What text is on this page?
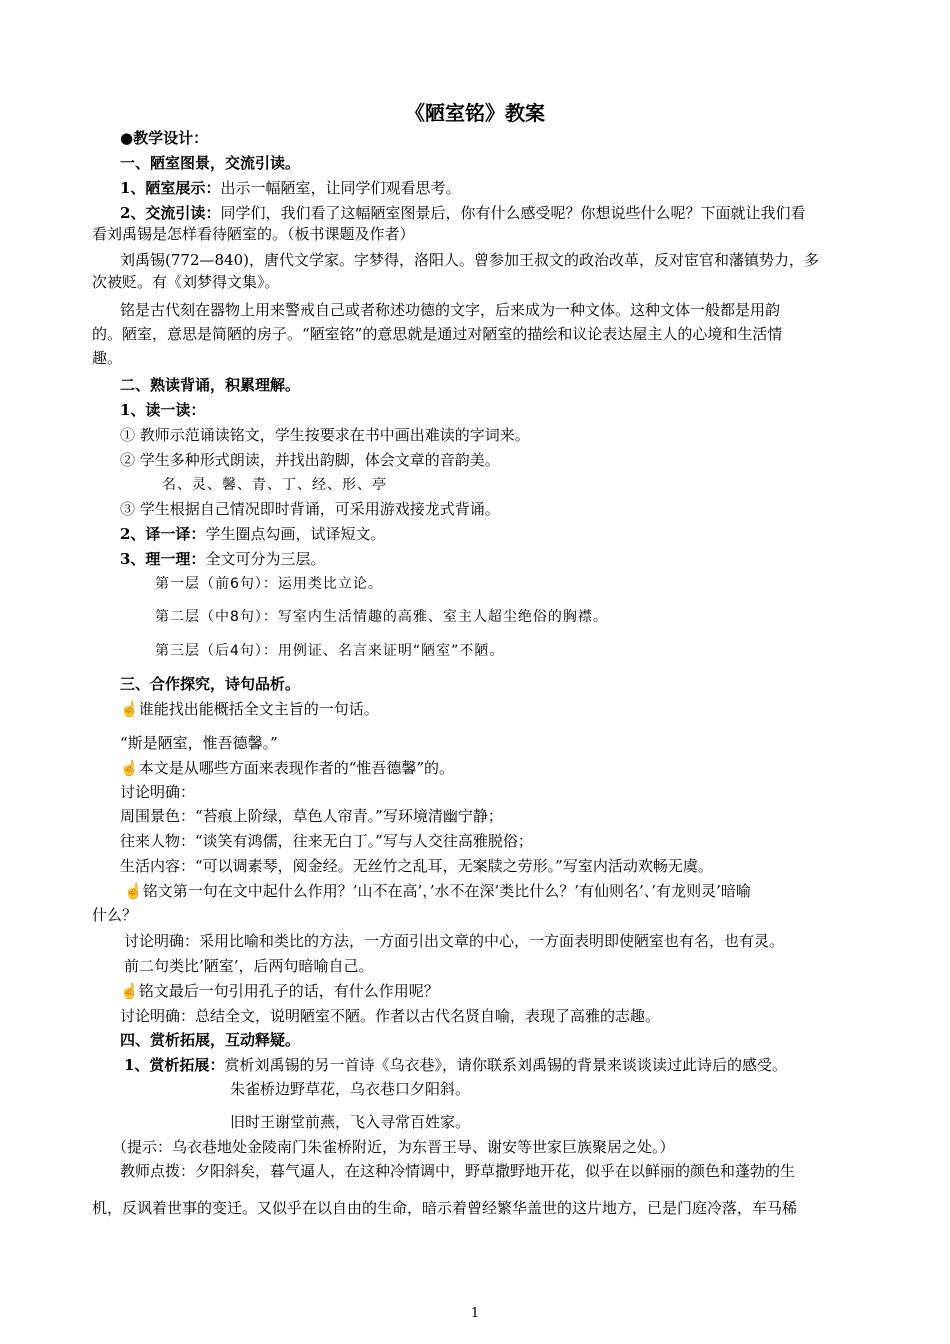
《陋室铭》教案
●教学设计：
一、陋室图景，交流引读。
1、陋室展示：出示一幅陋室，让同学们观看思考。
2、交流引读：同学们，我们看了这幅陋室图景后，你有什么感受呢？你想说些什么呢？下面就让我们看
看刘禹锡是怎样看待陋室的。（板书课题及作者）
刘禹锡(772—840)，唐代文学家。字梦得，洛阳人。曾参加王叔文的政治改革，反对宦官和藩镇势力，多
次被贬。有《刘梦得文集》。
铭是古代刻在器物上用来警戒自己或者称述功德的文字，后来成为一种文体。这种文体一般都是用韵
的。陋室，意思是简陋的房子。“陋室铭”的意思就是通过对陋室的描绘和议论表达屋主人的心境和生活情
趣。
二、熟读背诵，积累理解。
1、读一读：
① 教师示范诵读铭文，学生按要求在书中画出难读的字词来。
② 学生多种形式朗读，并找出韵脚，体会文章的音韵美。
名、灵、馨、青、丁、经、形、亭
③ 学生根据自己情况即时背诵，可采用游戏接龙式背诵。
2、译一译：学生圈点勾画，试译短文。
3、理一理：全文可分为三层。
第一层（前6句）：运用类比立论。
第二层（中8句）：写室内生活情趣的高雅、室主人超尘绝俗的胸襟。
第三层（后4句）：用例证、名言来证明“陋室”不陋。
三、合作探究，诗句品析。
☝谁能找出能概括全文主旨的一句话。
“斯是陋室，惟吾德馨。”
☝本文是从哪些方面来表现作者的“惟吾德馨”的。
讨论明确：
周围景色：“苔痕上阶绿，草色人帘青。”写环境清幽宁静；
往来人物：“谈笑有鸿儒，往来无白丁。”写与人交往高雅脱俗；
生活内容：“可以调素琴，阅金经。无丝竹之乱耳，无案牍之劳形。”写室内活动欢畅无虞。
☝铭文第一句在文中起什么作用？’山不在高’，’水不在深’类比什么？’有仙则名’、’有龙则灵’暗喻
什么？
讨论明确：采用比喻和类比的方法，一方面引出文章的中心，一方面表明即使陋室也有名，也有灵。
前二句类比’陋室’，后两句暗喻自己。
☝铭文最后一句引用孔子的话，有什么作用呢？
讨论明确：总结全文，说明陋室不陋。作者以古代名贤自喻，表现了高雅的志趣。
四、赏析拓展，互动释疑。
1、赏析拓展：赏析刘禹锡的另一首诗《乌衣巷》，请你联系刘禹锡的背景来谈谈读过此诗后的感受。
朱雀桥边野草花，乌衣巷口夕阳斜。
旧时王谢堂前燕，飞入寻常百姓家。
（提示：乌衣巷地处金陵南门朱雀桥附近，为东晋王导、谢安等世家巨族聚居之处。）
教师点拨：夕阳斜矣，暮气逼人，在这种冷情调中，野草撒野地开花，似乎在以鲜丽的颜色和蓬勃的生
机，反讽着世事的变迁。又似乎在以自由的生命，暗示着曾经繁华盖世的这片地方，已是门庭冷落，车马稀
1
